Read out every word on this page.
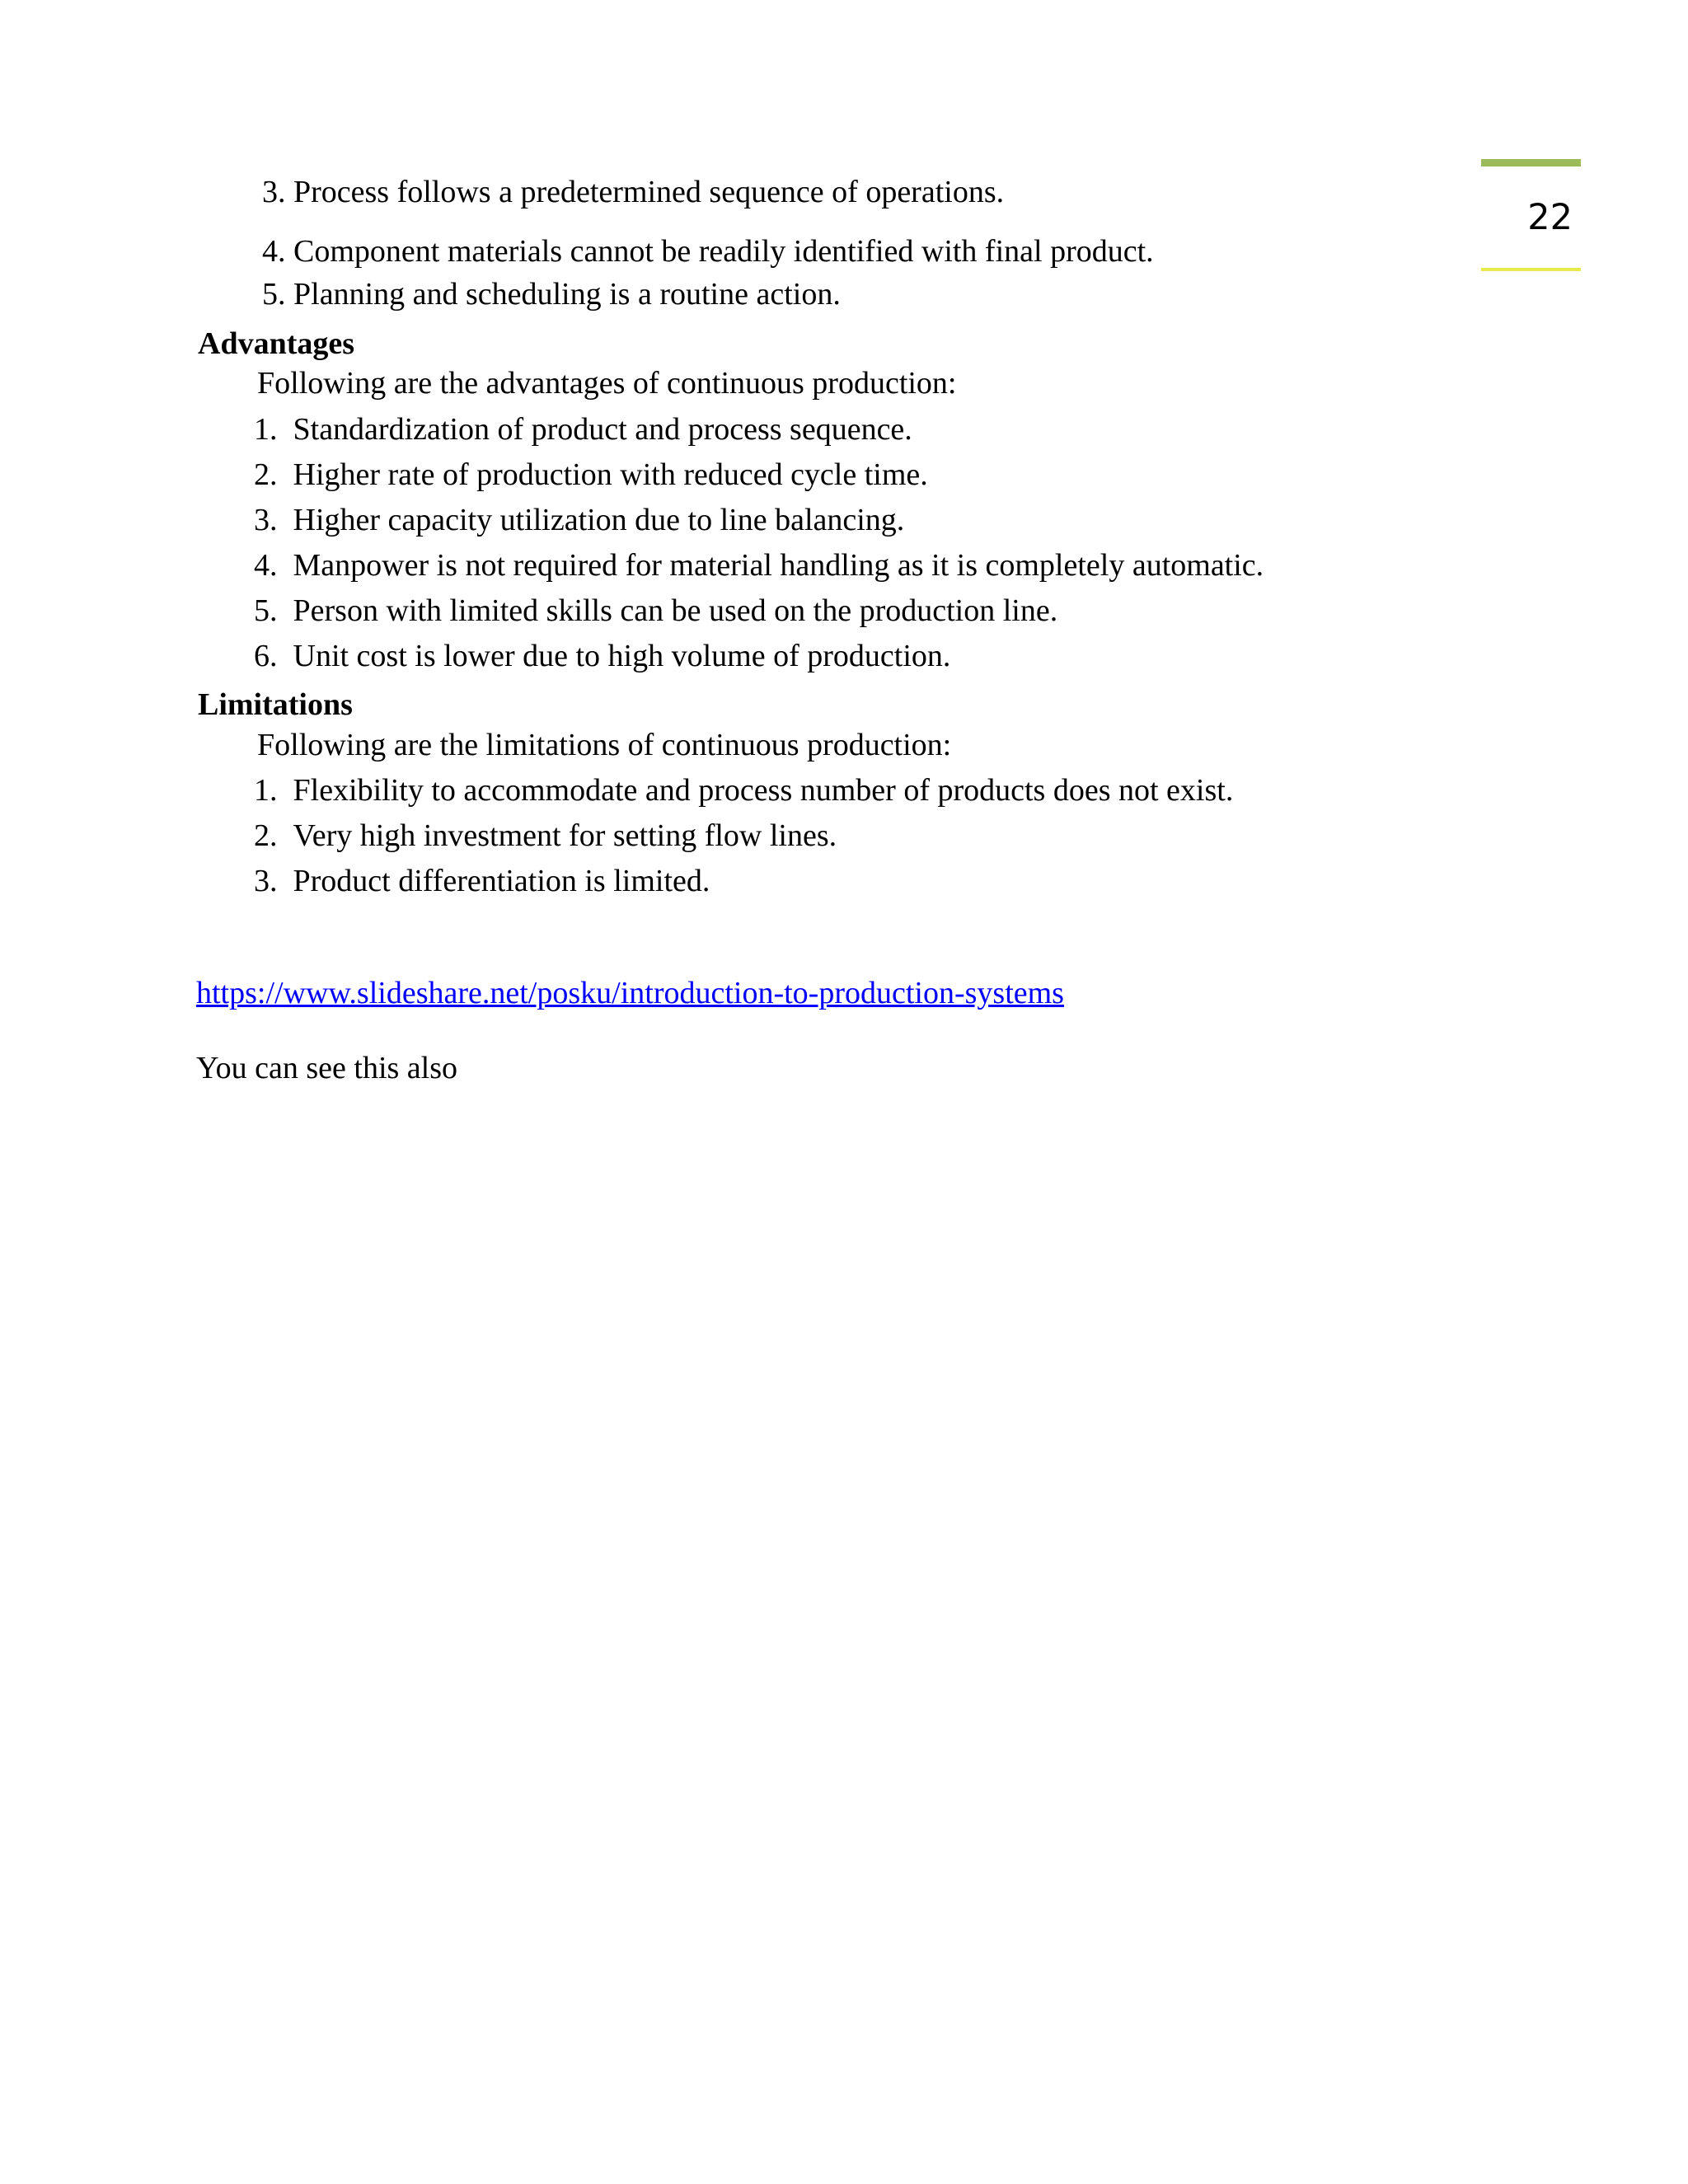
22
3. Process follows a predetermined sequence of operations.
4. Component materials cannot be readily identified with final product.
5. Planning and scheduling is a routine action.
Advantages
Following are the advantages of continuous production:
1. Standardization of product and process sequence.
2. Higher rate of production with reduced cycle time.
3. Higher capacity utilization due to line balancing.
4. Manpower is not required for material handling as it is completely automatic.
5. Person with limited skills can be used on the production line.
6. Unit cost is lower due to high volume of production.
Limitations
Following are the limitations of continuous production:
1. Flexibility to accommodate and process number of products does not exist.
2. Very high investment for setting flow lines.
3. Product differentiation is limited.
https://www.slideshare.net/posku/introduction-to-production-systems
You can see this also
